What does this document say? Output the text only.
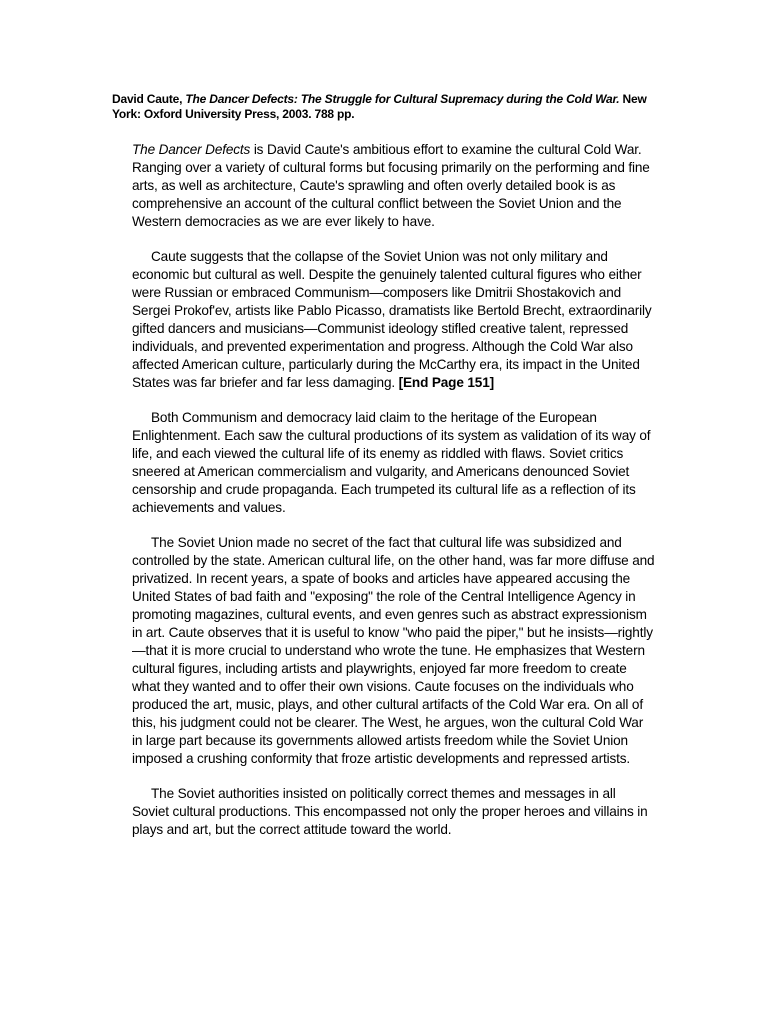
David Caute, The Dancer Defects: The Struggle for Cultural Supremacy during the Cold War. New York: Oxford University Press, 2003. 788 pp.

The Dancer Defects is David Caute's ambitious effort to examine the cultural Cold War. Ranging over a variety of cultural forms but focusing primarily on the performing and fine arts, as well as architecture, Caute's sprawling and often overly detailed book is as comprehensive an account of the cultural conflict between the Soviet Union and the Western democracies as we are ever likely to have.

Caute suggests that the collapse of the Soviet Union was not only military and economic but cultural as well. Despite the genuinely talented cultural figures who either were Russian or embraced Communism—composers like Dmitrii Shostakovich and Sergei Prokof'ev, artists like Pablo Picasso, dramatists like Bertold Brecht, extraordinarily gifted dancers and musicians—Communist ideology stifled creative talent, repressed individuals, and prevented experimentation and progress. Although the Cold War also affected American culture, particularly during the McCarthy era, its impact in the United States was far briefer and far less damaging. [End Page 151]

Both Communism and democracy laid claim to the heritage of the European Enlightenment. Each saw the cultural productions of its system as validation of its way of life, and each viewed the cultural life of its enemy as riddled with flaws. Soviet critics sneered at American commercialism and vulgarity, and Americans denounced Soviet censorship and crude propaganda. Each trumpeted its cultural life as a reflection of its achievements and values.

The Soviet Union made no secret of the fact that cultural life was subsidized and controlled by the state. American cultural life, on the other hand, was far more diffuse and privatized. In recent years, a spate of books and articles have appeared accusing the United States of bad faith and "exposing" the role of the Central Intelligence Agency in promoting magazines, cultural events, and even genres such as abstract expressionism in art. Caute observes that it is useful to know "who paid the piper," but he insists—rightly—that it is more crucial to understand who wrote the tune. He emphasizes that Western cultural figures, including artists and playwrights, enjoyed far more freedom to create what they wanted and to offer their own visions. Caute focuses on the individuals who produced the art, music, plays, and other cultural artifacts of the Cold War era. On all of this, his judgment could not be clearer. The West, he argues, won the cultural Cold War in large part because its governments allowed artists freedom while the Soviet Union imposed a crushing conformity that froze artistic developments and repressed artists.

The Soviet authorities insisted on politically correct themes and messages in all Soviet cultural productions. This encompassed not only the proper heroes and villains in plays and art, but the correct attitude toward the world.
